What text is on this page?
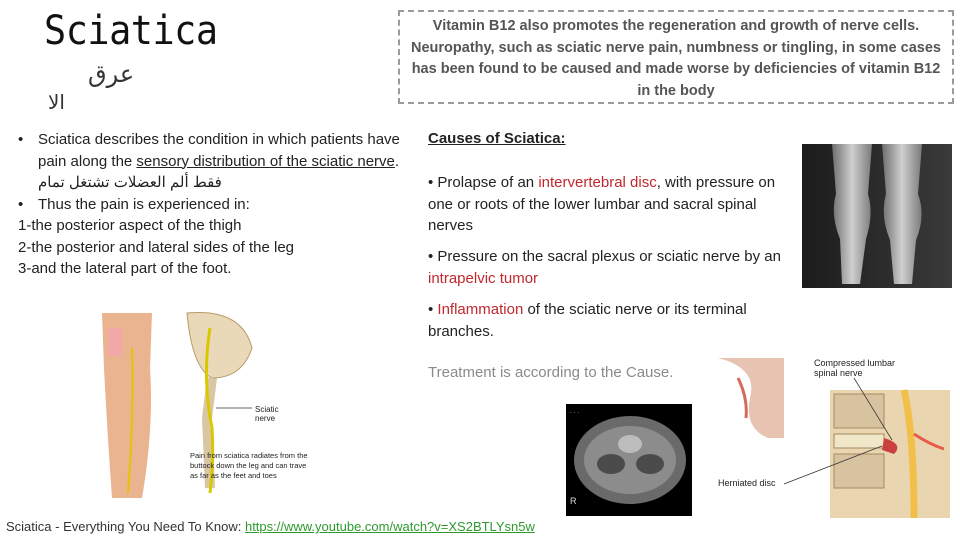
Sciatica
عرق
الا
Vitamin B12 also promotes the regeneration and growth of nerve cells. Neuropathy, such as sciatic nerve pain, numbness or tingling, in some cases has been found to be caused and made worse by deficiencies of vitamin B12 in the body
• Sciatica describes the condition in which patients have pain along the sensory distribution of the sciatic nerve. فقط ألم العضلات تشتغل تمام

• Thus the pain is experienced in:

1-the posterior aspect of the thigh

2-the posterior and lateral sides of the leg

3-and the lateral part of the foot.

Causes of Sciatica:
• Prolapse of an intervertebral disc, with pressure on one or roots of the lower lumbar and sacral spinal nerves
• Pressure on the sacral plexus or sciatic nerve by an intrapelvic tumor
• Inflammation of the sciatic nerve or its terminal branches.
Treatment is according to the Cause.
Sciatic
nerve
Pain from sciatica radiates from the
buttock down the leg and can trave
as far as the feet and toes
R
· · ·
Compressed lumbar
spinal nerve
Herniated disc
Sciatica - Everything You Need To Know: https://www.youtube.com/watch?v=XS2BTLYsn5w
